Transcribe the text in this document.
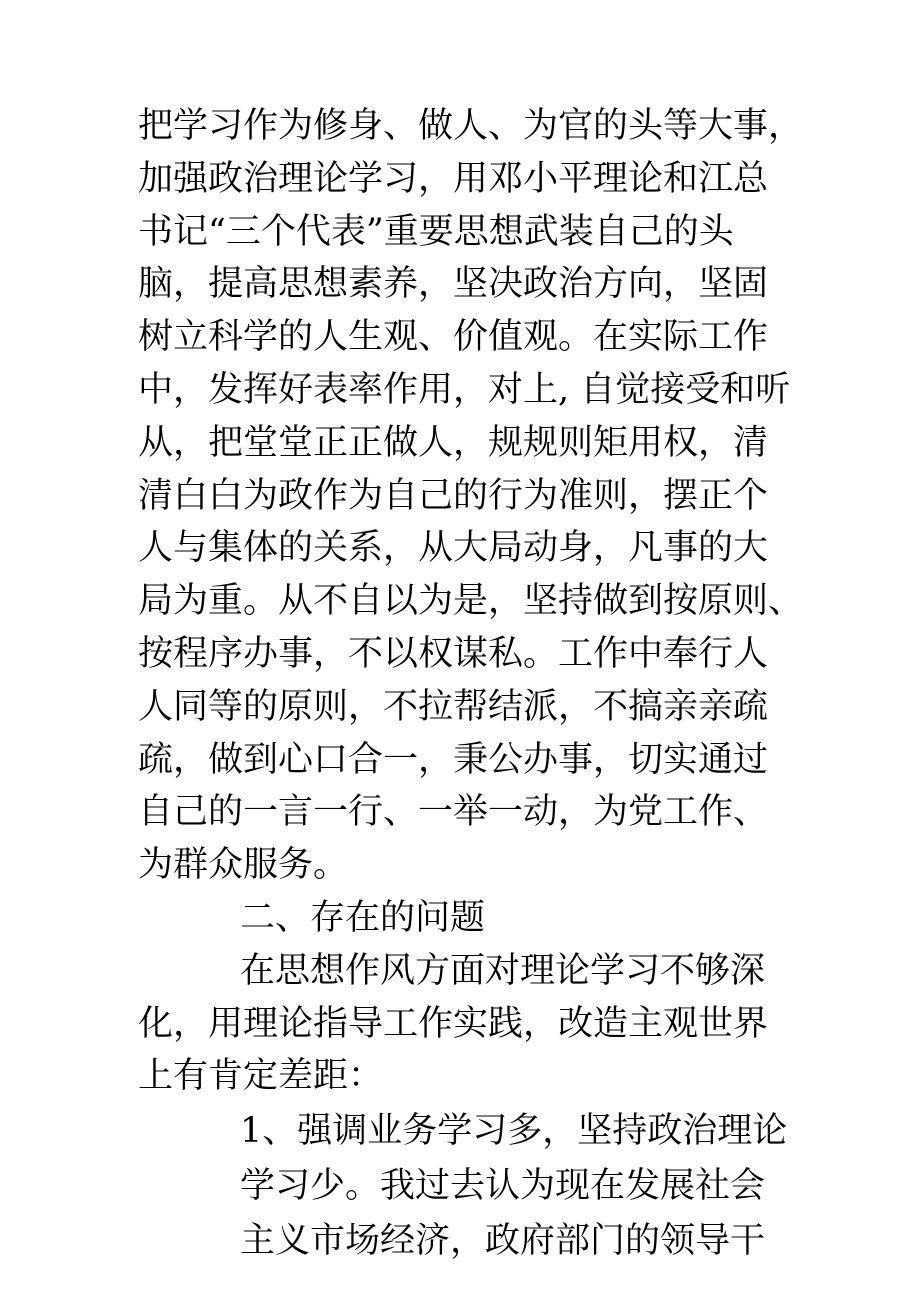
把学习作为修身、做人、为官的头等大事，
加强政治理论学习，用邓小平理论和江总
书记“三个代表”重要思想武装自己的头
脑，提高思想素养，坚决政治方向，坚固
树立科学的人生观、价值观。在实际工作
中，发挥好表率作用，对上, 自觉接受和听
从，把堂堂正正做人，规规则矩用权，清
清白白为政作为自己的行为准则，摆正个
人与集体的关系，从大局动身，凡事的大
局为重。从不自以为是，坚持做到按原则、
按程序办事，不以权谋私。工作中奉行人
人同等的原则，不拉帮结派，不搞亲亲疏
疏，做到心口合一，秉公办事，切实通过
自己的一言一行、一举一动，为党工作、
为群众服务。
二、存在的问题
在思想作风方面对理论学习不够深
化，用理论指导工作实践，改造主观世界
上有肯定差距：
1、强调业务学习多，坚持政治理论
学习少。我过去认为现在发展社会
主义市场经济，政府部门的领导干
